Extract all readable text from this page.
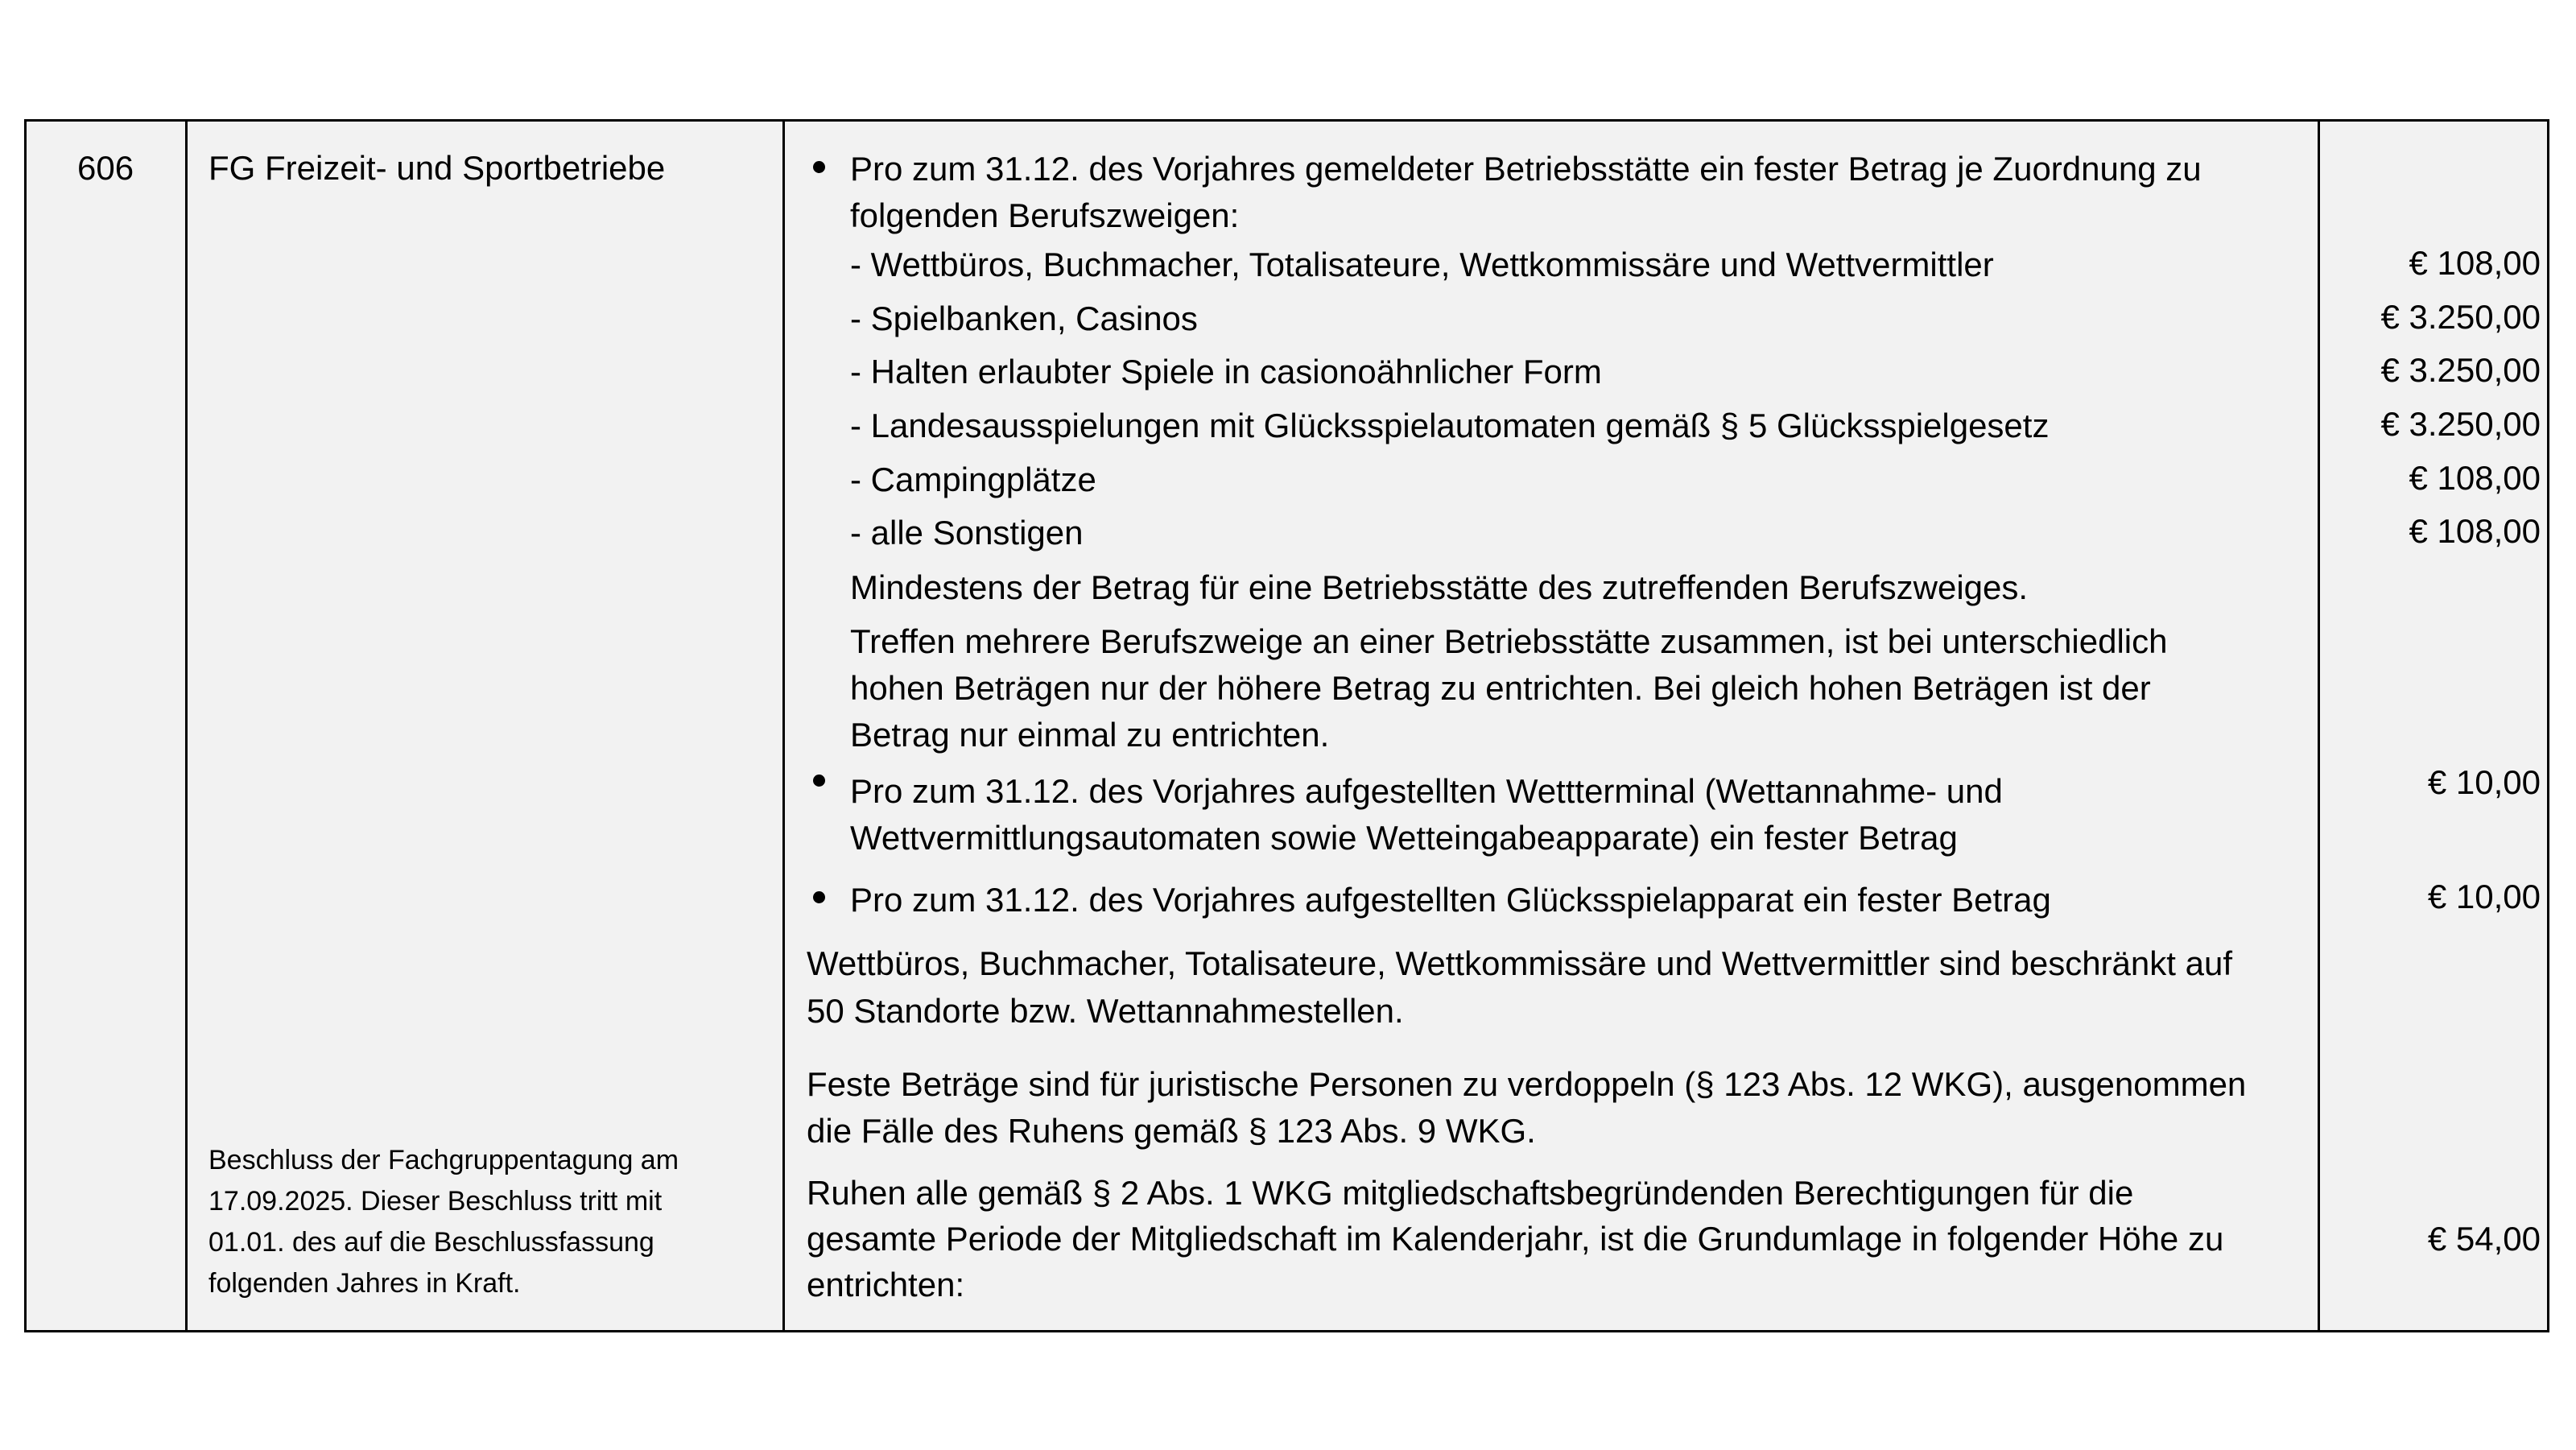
606 FG Freizeit- und Sportbetriebe
Beschluss der Fachgruppentagung am
17.09.2025. Dieser Beschluss tritt mit
01.01. des auf die Beschlussfassung
folgenden Jahres in Kraft.
Pro zum 31.12. des Vorjahres gemeldeter Betriebsstätte ein fester Betrag je Zuordnung zu
folgenden Berufszweigen:
- Wettbüros, Buchmacher, Totalisateure, Wettkommissäre und Wettvermittler
- Spielbanken, Casinos
- Halten erlaubter Spiele in casionoähnlicher Form
- Landesausspielungen mit Glücksspielautomaten gemäß § 5 Glücksspielgesetz
- Campingplätze
- alle Sonstigen
Mindestens der Betrag für eine Betriebsstätte des zutreffenden Berufszweiges.
Treffen mehrere Berufszweige an einer Betriebsstätte zusammen, ist bei unterschiedlich
hohen Beträgen nur der höhere Betrag zu entrichten. Bei gleich hohen Beträgen ist der
Betrag nur einmal zu entrichten.
Pro zum 31.12. des Vorjahres aufgestellten Wettterminal (Wettannahme- und
Wettvermittlungsautomaten sowie Wetteingabeapparate) ein fester Betrag
Pro zum 31.12. des Vorjahres aufgestellten Glücksspielapparat ein fester Betrag
Wettbüros, Buchmacher, Totalisateure, Wettkommissäre und Wettvermittler sind beschränkt auf
50 Standorte bzw. Wettannahmestellen.
Feste Beträge sind für juristische Personen zu verdoppeln (§ 123 Abs. 12 WKG), ausgenommen
die Fälle des Ruhens gemäß § 123 Abs. 9 WKG.
Ruhen alle gemäß § 2 Abs. 1 WKG mitgliedschaftsbegründenden Berechtigungen für die
gesamte Periode der Mitgliedschaft im Kalenderjahr, ist die Grundumlage in folgender Höhe zu
entrichten:
€ 108,00
€ 3.250,00
€ 3.250,00
€ 3.250,00
€ 108,00
€ 108,00
€ 10,00
€ 10,00
€ 54,00
